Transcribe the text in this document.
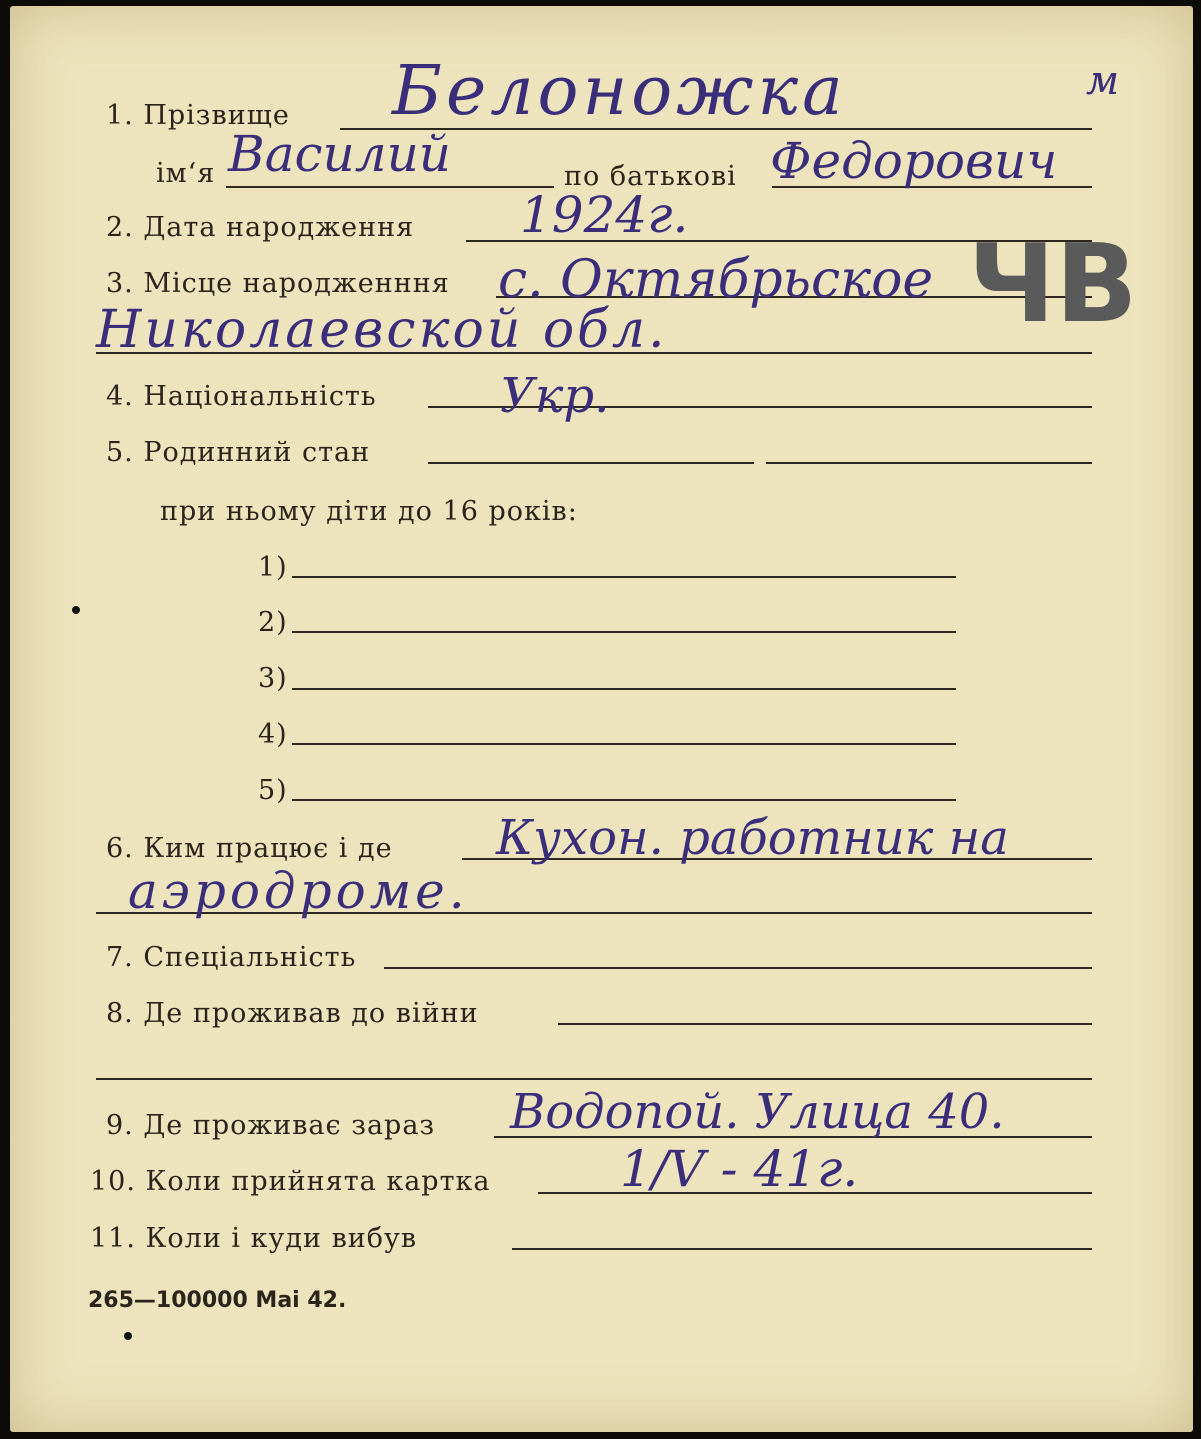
1. Прізвище Белоножка	м
ім‘я Василий	по батькові Федорович
2. Дата народження 1924г.
3. Місце народженння с. Октябрьское
Николаевской обл.	ЧВ
4. Національність	Укр.
5. Родинний стан
при ньому діти до 16 років:
1)
2)
3)
4)
5)
6. Ким працює і де Кухон. работник на
аэродроме.
7. Спеціальність
8. Де проживав до війни
9. Де проживає зараз Водопой. Улица 40.
10. Коли прийнята картка	1/V - 41г.
11. Коли і куди вибув
265—100000 Маі 42.
